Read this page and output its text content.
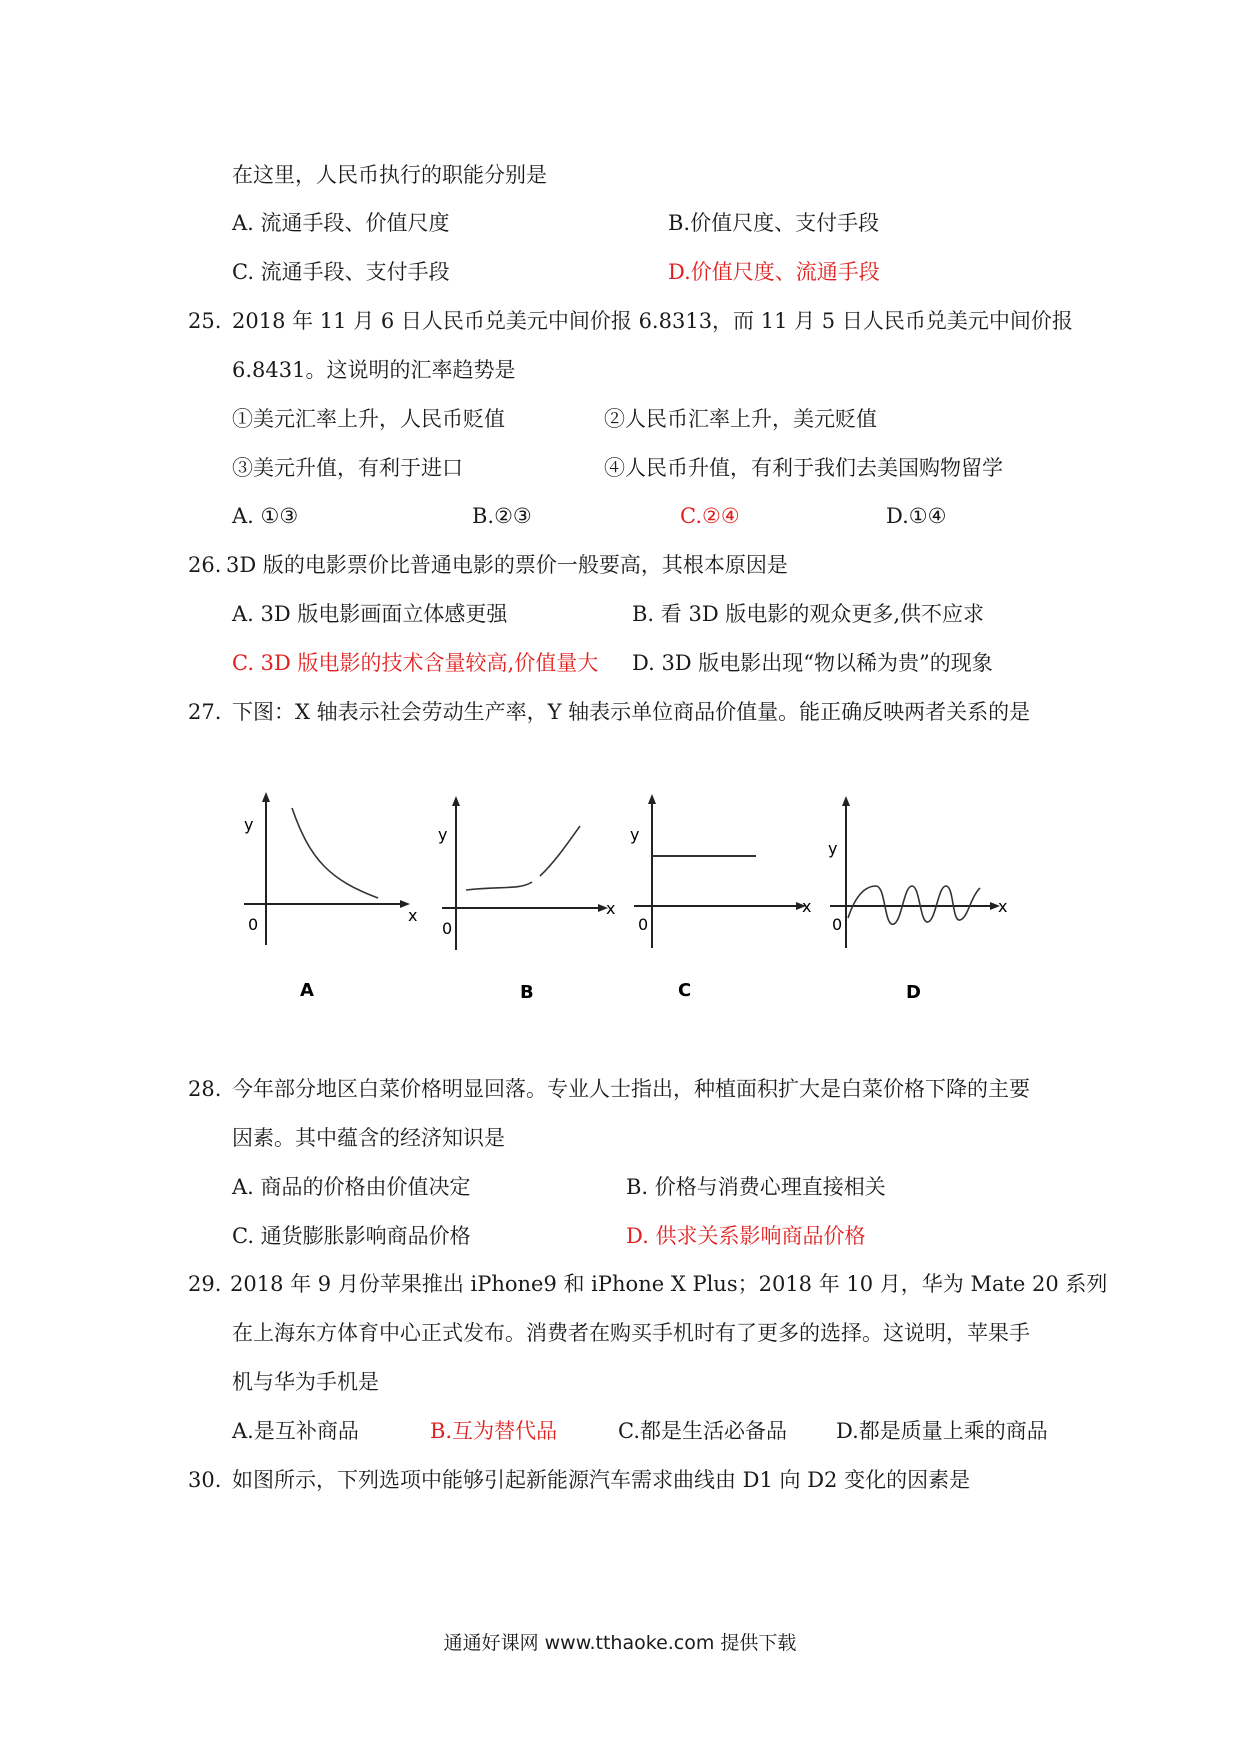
在这里，人民币执行的职能分别是
A. 流通手段、价值尺度	B.价值尺度、支付手段
C. 流通手段、支付手段	D.价值尺度、流通手段
25. 2018 年 11 月 6 日人民币兑美元中间价报 6.8313，而 11 月 5 日人民币兑美元中间价报
6.8431。这说明的汇率趋势是
①美元汇率上升，人民币贬值	②人民币汇率上升，美元贬值
③美元升值，有利于进口	④人民币升值，有利于我们去美国购物留学
A. ①③	B.②③	C.②④	D.①④
26. 3D 版的电影票价比普通电影的票价一般要高，其根本原因是
A. 3D 版电影画面立体感更强	B. 看 3D 版电影的观众更多,供不应求
C. 3D 版电影的技术含量较高,价值量大 D. 3D 版电影出现“物以稀为贵”的现象
27. 下图：X 轴表示社会劳动生产率，Y 轴表示单位商品价值量。能正确反映两者关系的是
y
x
0
A
y
x
0
B
y
x
0
C
y
x
0
D
28. 今年部分地区白菜价格明显回落。专业人士指出，种植面积扩大是白菜价格下降的主要
因素。其中蕴含的经济知识是
A. 商品的价格由价值决定	B. 价格与消费心理直接相关
C. 通货膨胀影响商品价格	D. 供求关系影响商品价格
29. 2018 年 9 月份苹果推出 iPhone9 和 iPhone X Plus；2018 年 10 月，华为 Mate 20 系列
在上海东方体育中心正式发布。消费者在购买手机时有了更多的选择。这说明，苹果手
机与华为手机是
A.是互补商品	B.互为替代品	C.都是生活必备品 D.都是质量上乘的商品
30. 如图所示，下列选项中能够引起新能源汽车需求曲线由 D1 向 D2 变化的因素是
通通好课网 www.tthaoke.com 提供下载
